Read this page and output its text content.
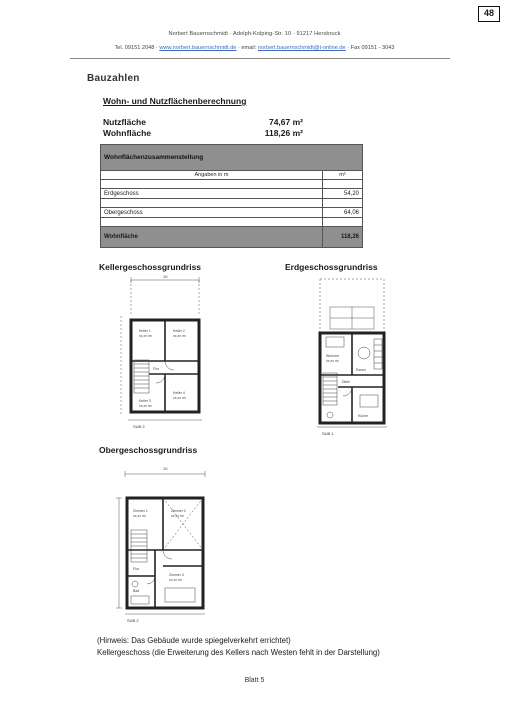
48
Norbert Bauernschmidt · Adolph-Kolping-Str. 10 · 91217 Hersbruck
Tel. 09151 2048 · www.norbert.bauernschmidt.de · email: norbert.bauernschmidt@t-online.de · Fax 09151 - 3043
Bauzahlen
Wohn- und Nutzflächenberechnung
Nutzfläche	74,67 m²
Wohnfläche	118,26 m²
Wohnflächenzusammenstellung	
Angaben in m	m²

Erdgeschoss	54,20

Obergeschoss	64,06

Wohnfläche	118,26
Kellergeschossgrundriss
Keller 1
xx,xx m²
Keller 2
xx,xx m²
Keller 3
xx,xx m²
Keller 4
xx,xx m²
Flur
SUB 2
10
Erdgeschossgrundriss
Wohnen
xx,xx m²
Essen
Küche
Diele
SUB 1
Obergeschossgrundriss
Zimmer 1
xx,xx m²
Zimmer 2
xx,xx m²
Flur
Bad
Zimmer 3
xx,xx m²
SUB 2
10
(Hinweis: Das Gebäude wurde spiegelverkehrt errichtet)
Kellergeschoss (die Erweiterung des Kellers nach Westen fehlt in der Darstellung)
Blatt 5
